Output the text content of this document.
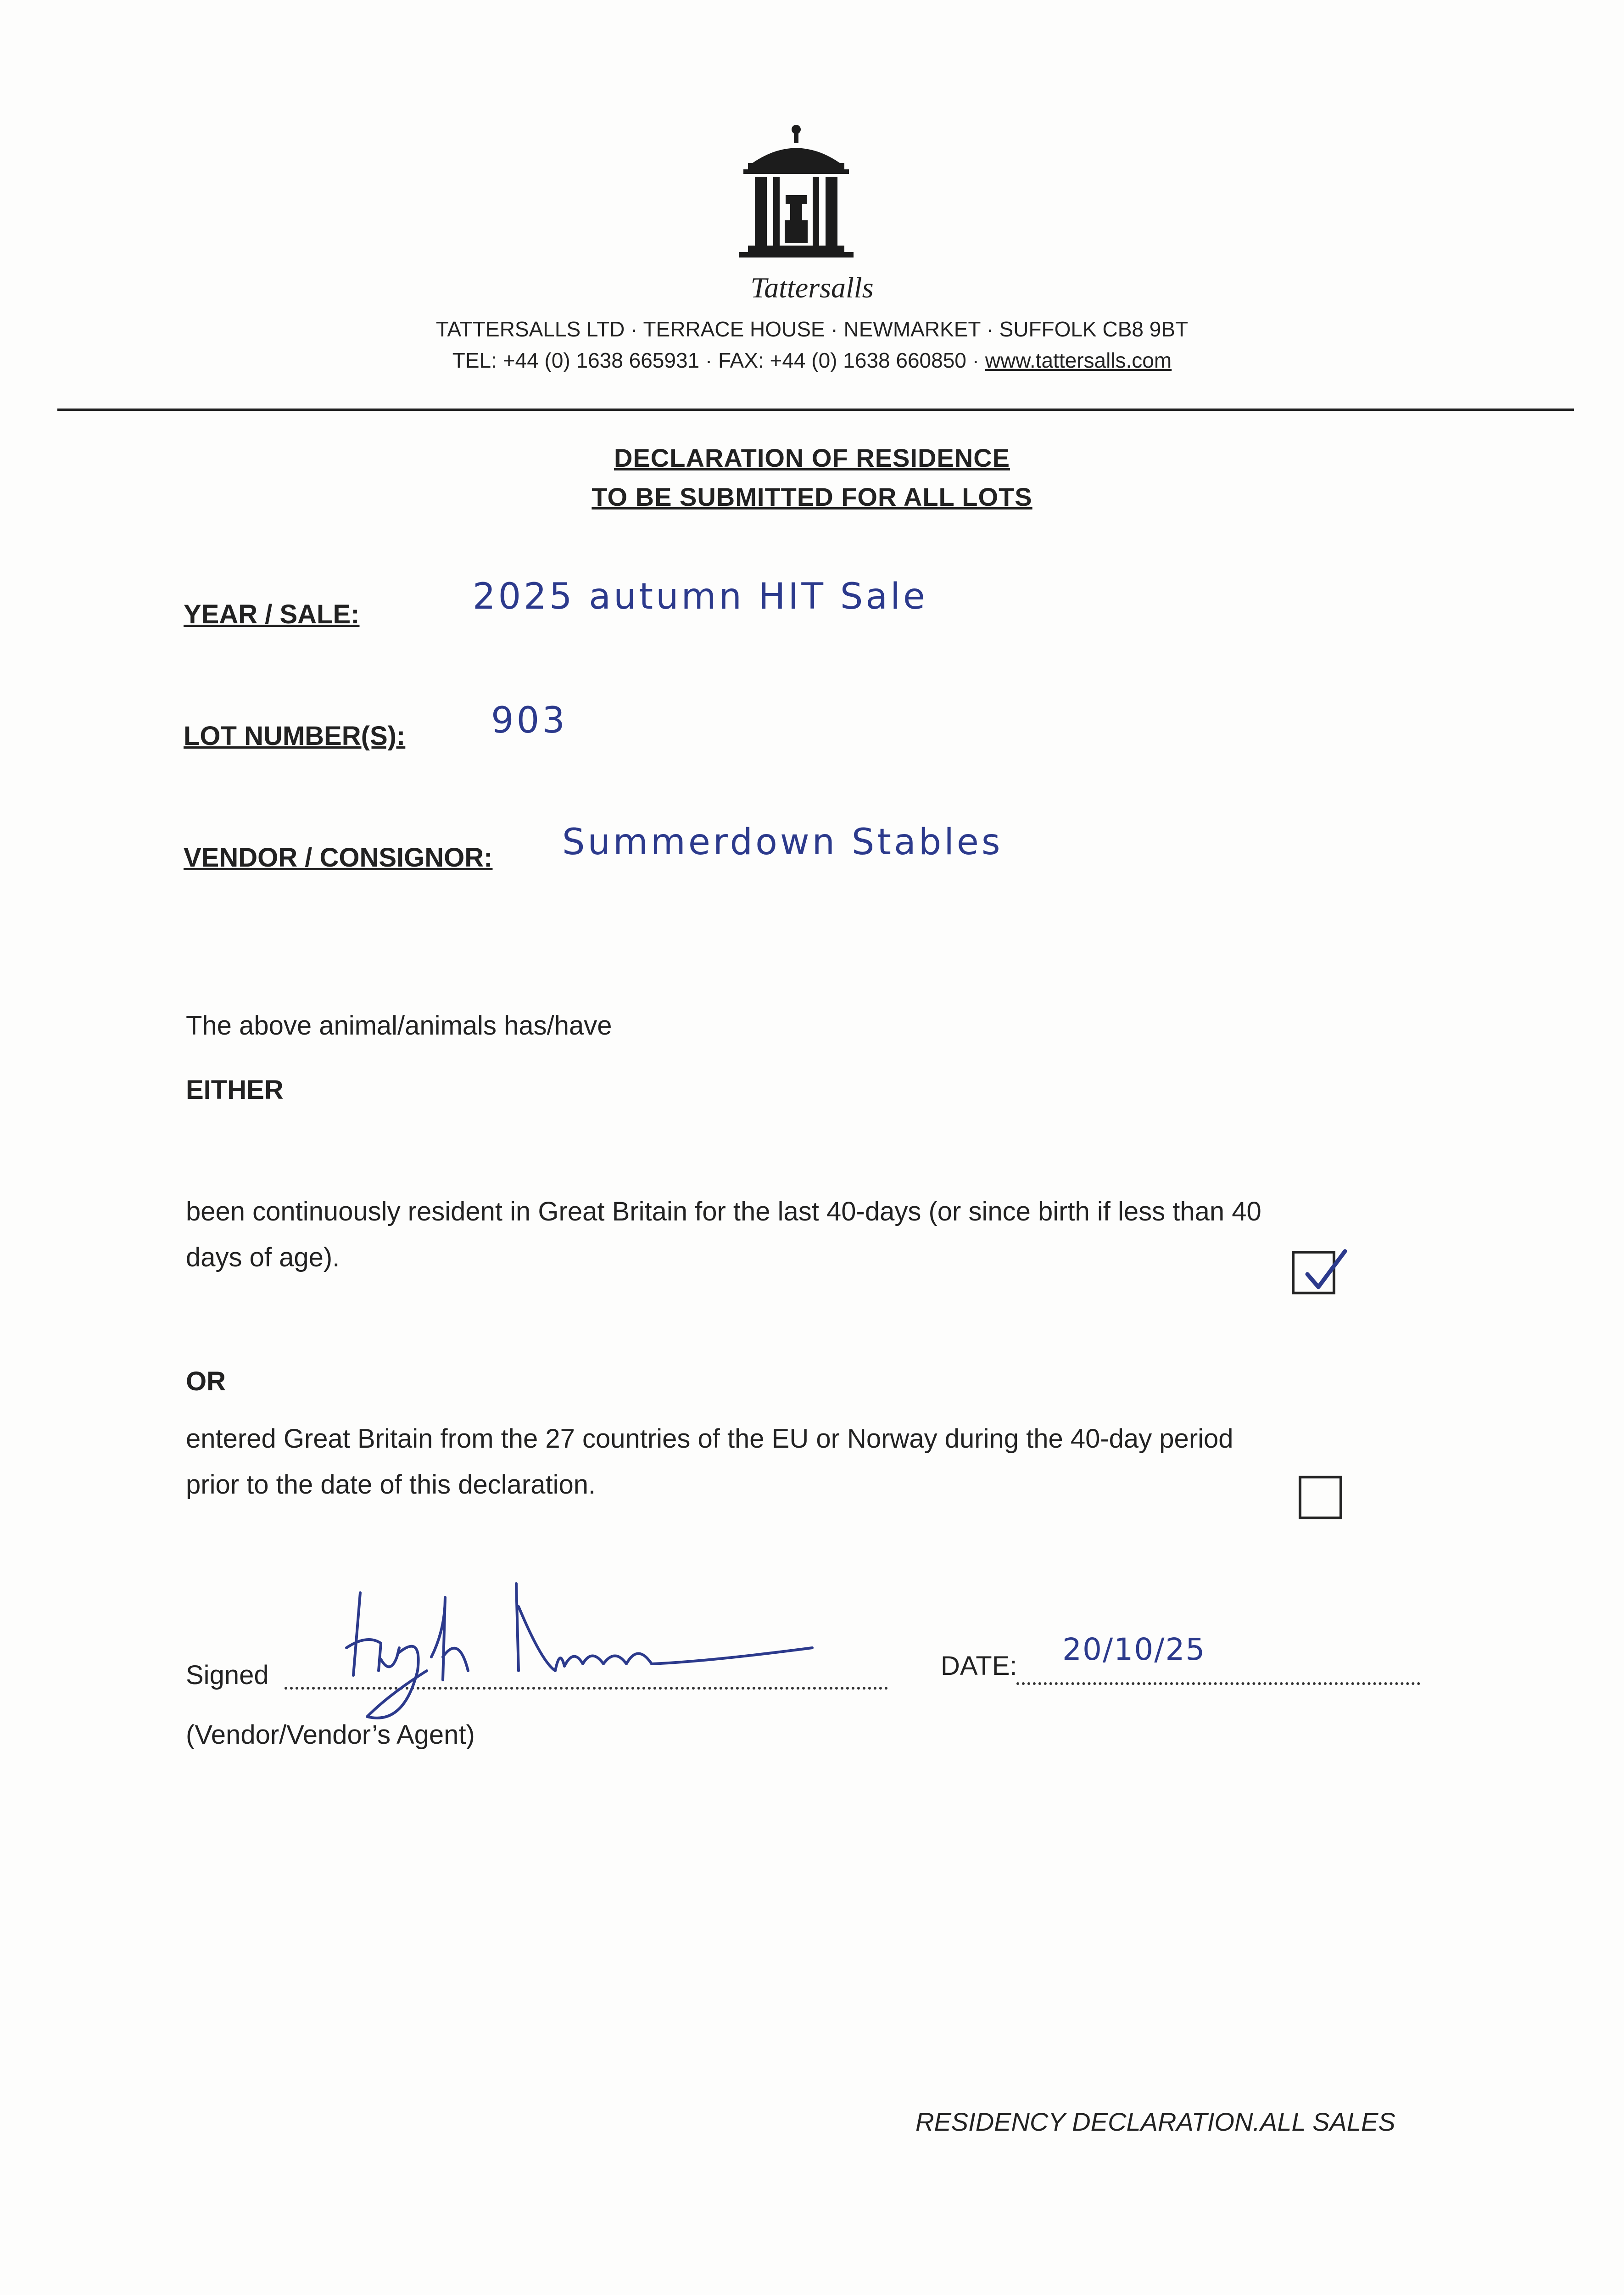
Tattersalls
TATTERSALLS LTD · TERRACE HOUSE · NEWMARKET · SUFFOLK CB8 9BT
TEL: +44 (0) 1638 665931 · FAX: +44 (0) 1638 660850 · www.tattersalls.com
DECLARATION OF RESIDENCE
TO BE SUBMITTED FOR ALL LOTS
YEAR / SALE:	2025 autumn HIT Sale
LOT NUMBER(S): 903
VENDOR / CONSIGNOR: Summerdown Stables
The above animal/animals has/have
EITHER
been continuously resident in Great Britain for the last 40-days (or since birth if less than 40
days of age).
OR
entered Great Britain from the 27 countries of the EU or Norway during the 40-day period
prior to the date of this declaration.
Signed	DATE: 20/10/25
(Vendor/Vendor’s Agent)
RESIDENCY DECLARATION.ALL SALES
